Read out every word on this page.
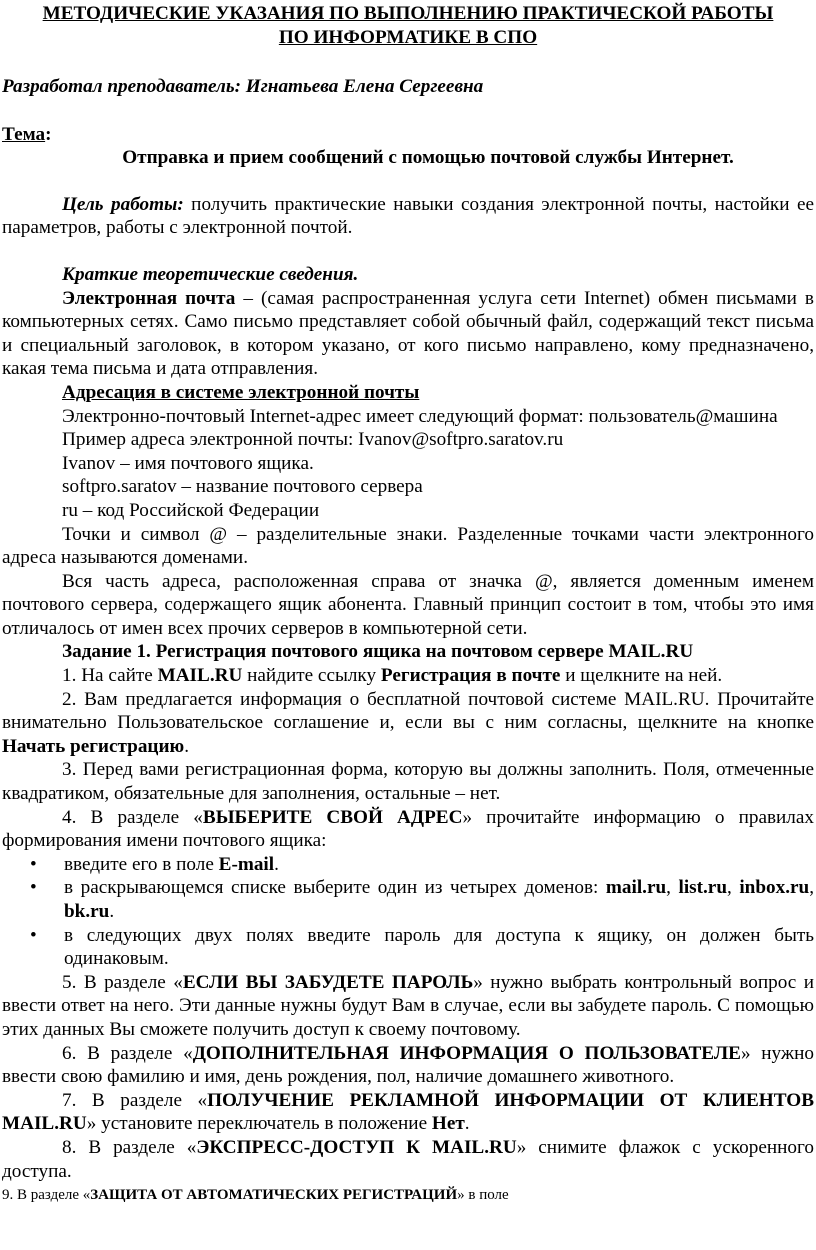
МЕТОДИЧЕСКИЕ УКАЗАНИЯ ПО ВЫПОЛНЕНИЮ ПРАКТИЧЕСКОЙ РАБОТЫ
ПО ИНФОРМАТИКЕ В СПО
Разработал преподаватель: Игнатьева Елена Сергеевна
Тема:
Отправка и прием сообщений с помощью почтовой службы Интернет.

Цель работы: получить практические навыки создания электронной почты, настойки ее параметров, работы с электронной почтой.

Краткие теоретические сведения.

Электронная почта – (самая распространенная услуга сети Internet) обмен письмами в компьютерных сетях. Само письмо представляет собой обычный файл, содержащий текст письма и специальный заголовок, в котором указано, от кого письмо направлено, кому предназначено, какая тема письма и дата отправления.

Адресация в системе электронной почты

Электронно-почтовый Internet-адрес имеет следующий формат: пользователь@машина

Пример адреса электронной почты: Ivanov@softpro.saratov.ru

Ivanov – имя почтового ящика.

softpro.saratov – название почтового сервера

ru – код Российской Федерации

Точки и символ @ – разделительные знаки. Разделенные точками части электронного адреса называются доменами.

Вся часть адреса, расположенная справа от значка @, является доменным именем почтового сервера, содержащего ящик абонента. Главный принцип состоит в том, чтобы это имя отличалось от имен всех прочих серверов в компьютерной сети.

Задание 1. Регистрация почтового ящика на почтовом сервере MAIL.RU

1. На сайте MAIL.RU найдите ссылку Регистрация в почте и щелкните на ней.

2. Вам предлагается информация о бесплатной почтовой системе MAIL.RU. Прочитайте внимательно Пользовательское соглашение и, если вы с ним согласны, щелкните на кнопке Начать регистрацию.

3. Перед вами регистрационная форма, которую вы должны заполнить. Поля, отмеченные квадратиком, обязательные для заполнения, остальные – нет.

4. В разделе «ВЫБЕРИТЕ СВОЙ АДРЕС» прочитайте информацию о правилах формирования имени почтового ящика:

• введите его в поле E-mail.
• в раскрывающемся списке выберите один из четырех доменов: mail.ru, list.ru, inbox.ru, bk.ru.
• в следующих двух полях введите пароль для доступа к ящику, он должен быть одинаковым.

5. В разделе «ЕСЛИ ВЫ ЗАБУДЕТЕ ПАРОЛЬ» нужно выбрать контрольный вопрос и ввести ответ на него. Эти данные нужны будут Вам в случае, если вы забудете пароль. С помощью этих данных Вы сможете получить доступ к своему почтовому.

6. В разделе «ДОПОЛНИТЕЛЬНАЯ ИНФОРМАЦИЯ О ПОЛЬЗОВАТЕЛЕ» нужно ввести свою фамилию и имя, день рождения, пол, наличие домашнего животного.

7. В разделе «ПОЛУЧЕНИЕ РЕКЛАМНОЙ ИНФОРМАЦИИ ОТ КЛИЕНТОВ MAIL.RU» установите переключатель в положение Нет.

8. В разделе «ЭКСПРЕСС-ДОСТУП К MAIL.RU» снимите флажок с ускоренного доступа.

9. В разделе «ЗАЩИТА ОТ АВТОМАТИЧЕСКИХ РЕГИСТРАЦИЙ» в поле
